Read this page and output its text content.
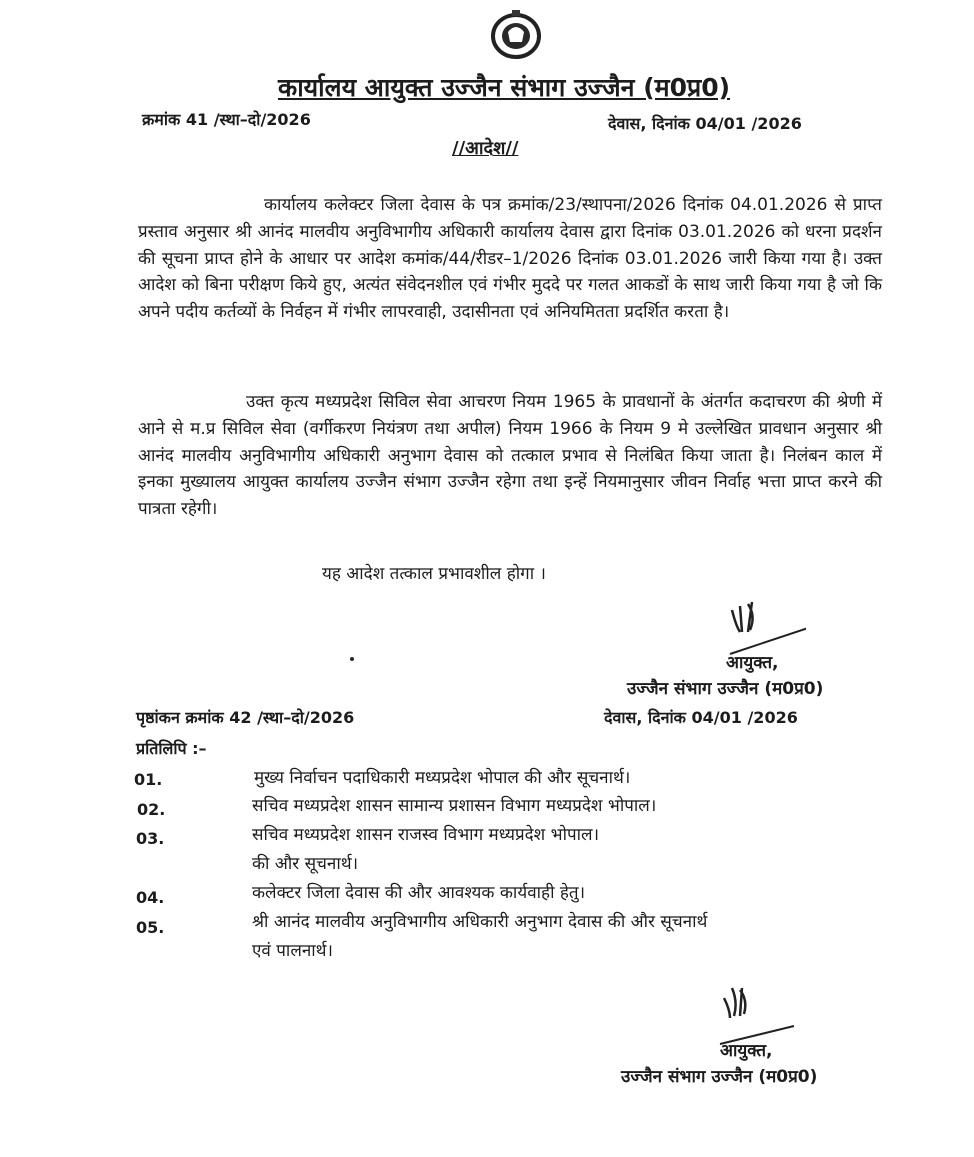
कार्यालय आयुक्त उज्जैन संभाग उज्जैन (म0प्र0)
क्रमांक 41 /स्था–दो/2026	देवास, दिनांक 04/01 /2026
//आदेश//
कार्यालय कलेक्टर जिला देवास के पत्र क्रमांक/23/स्थापना/2026 दिनांक 04.01.2026 से प्राप्त प्रस्ताव अनुसार श्री आनंद मालवीय अनुविभागीय अधिकारी कार्यालय देवास द्वारा दिनांक 03.01.2026 को धरना प्रदर्शन की सूचना प्राप्त होने के आधार पर आदेश कमांक/44/रीडर–1/2026 दिनांक 03.01.2026 जारी किया गया है। उक्त आदेश को बिना परीक्षण किये हुए, अत्यंत संवेदनशील एवं गंभीर मुददे पर गलत आकडों के साथ जारी किया गया है जो कि अपने पदीय कर्तव्यों के निर्वहन में गंभीर लापरवाही, उदासीनता एवं अनियमितता प्रदर्शित करता है।
उक्त कृत्य मध्यप्रदेश सिविल सेवा आचरण नियम 1965 के प्रावधानों के अंतर्गत कदाचरण की श्रेणी में आने से म.प्र सिविल सेवा (वर्गीकरण नियंत्रण तथा अपील) नियम 1966 के नियम 9 मे उल्लेखित प्रावधान अनुसार श्री आनंद मालवीय अनुविभागीय अधिकारी अनुभाग देवास को तत्काल प्रभाव से निलंबित किया जाता है। निलंबन काल में इनका मुख्यालय आयुक्त कार्यालय उज्जैन संभाग उज्जैन रहेगा तथा इन्हें नियमानुसार जीवन निर्वाह भत्ता प्राप्त करने की पात्रता रहेगी।
यह आदेश तत्काल प्रभावशील होगा ।
आयुक्त,
उज्जैन संभाग उज्जैन (म0प्र0)
पृष्ठांकन क्रमांक 42 /स्था–दो/2026	देवास, दिनांक 04/01 /2026
प्रतिलिपि :–
01.	मुख्य निर्वाचन पदाधिकारी मध्यप्रदेश भोपाल की और सूचनार्थ।
02.	सचिव मध्यप्रदेश शासन सामान्य प्रशासन विभाग मध्यप्रदेश भोपाल।
03.	सचिव मध्यप्रदेश शासन राजस्व विभाग मध्यप्रदेश भोपाल।
की और सूचनार्थ।
04.	कलेक्टर जिला देवास की और आवश्यक कार्यवाही हेतु।
05.	श्री आनंद मालवीय अनुविभागीय अधिकारी अनुभाग देवास की और सूचनार्थ
एवं पालनार्थ।
आयुक्त,
उज्जैन संभाग उज्जैन (म0प्र0)
